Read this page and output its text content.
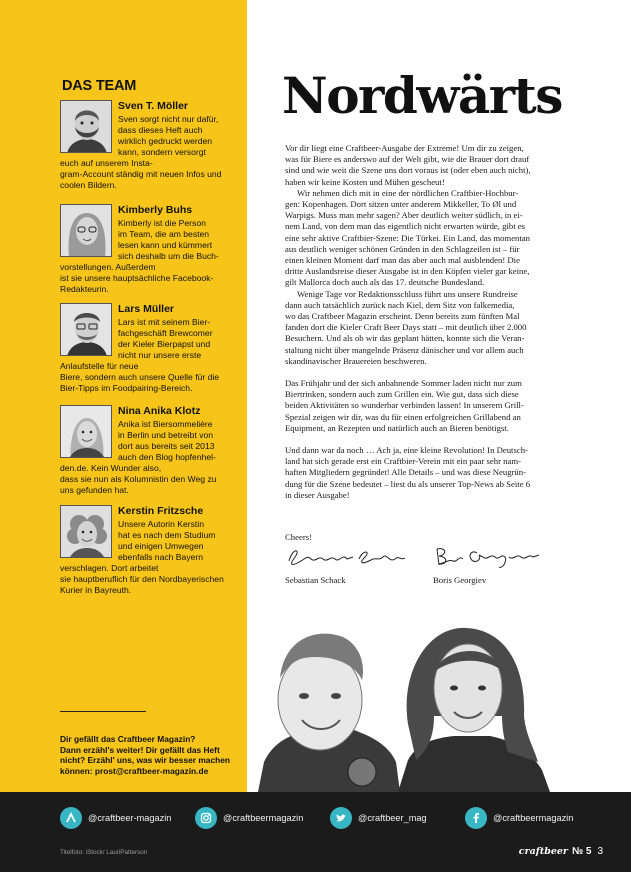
DAS TEAM
Sven T. Möller
Sven sorgt nicht nur dafür,
dass dieses Heft auch
wirklich gedruckt werden
kann, sondern versorgt
euch auf unserem Insta-
gram-Account ständig mit neuen Infos und
coolen Bildern.
Kimberly Buhs
Kimberly ist die Person
im Team, die am besten
lesen kann und kümmert
sich deshalb um die Buch-
vorstellungen. Außerdem
ist sie unsere hauptsächliche Facebook-
Redakteurin.
Lars Müller
Lars ist mit seinem Bier-
fachgeschäft Brewcomer
der Kieler Bierpapst und
nicht nur unsere erste
Anlaufstelle für neue
Biere, sondern auch unsere Quelle für die
Bier-Tipps im Foodpairing-Bereich.
Nina Anika Klotz
Anika ist Biersommelière
in Berlin und betreibt von
dort aus bereits seit 2013
auch den Blog hopfenhel-
den.de. Kein Wunder also,
dass sie nun als Kolumnistin den Weg zu
uns gefunden hat.
Kerstin Fritzsche
Unsere Autorin Kerstin
hat es nach dem Studium
und einigen Umwegen
ebenfalls nach Bayern
verschlagen. Dort arbeitet
sie hauptberuflich für den Nordbayerischen
Kurier in Bayreuth.
Dir gefällt das Craftbeer Magazin?
Dann erzähl's weiter! Dir gefällt das Heft
nicht? Erzähl' uns, was wir besser machen
können: prost@craftbeer-magazin.de
Nordwärts

Vor dir liegt eine Craftbeer-Ausgabe der Extreme! Um dir zu zeigen,
was für Biere es anderswo auf der Welt gibt, wie die Brauer dort drauf
sind und wie weit die Szene uns dort voraus ist (oder eben auch nicht),
haben wir keine Kosten und Mühen gescheut!

Wir nehmen dich mit in eine der nördlichen Craftbier-Hochbur-
gen: Kopenhagen. Dort sitzen unter anderem Mikkeller, To Øl und
Warpigs. Muss man mehr sagen? Aber deutlich weiter südlich, in ei-
nem Land, von dem man das eigentlich nicht erwarten würde, gibt es
eine sehr aktive Craftbier-Szene: Die Türkei. Ein Land, das momentan
aus deutlich weniger schönen Gründen in den Schlagzeilen ist – für
einen kleinen Moment darf man das aber auch mal ausblenden! Die
dritte Auslandsreise dieser Ausgabe ist in den Köpfen vieler gar keine,
gilt Mallorca doch auch als das 17. deutsche Bundesland.

Wenige Tage vor Redaktionsschluss führt uns unsere Rundreise
dann auch tatsächlich zurück nach Kiel, dem Sitz von falkemedia,
wo das Craftbeer Magazin erscheint. Denn bereits zum fünften Mal
fanden dort die Kieler Craft Beer Days statt – mit deutlich über 2.000
Besuchern. Und als ob wir das geplant hätten, konnte sich die Veran-
staltung nicht über mangelnde Präsenz dänischer und vor allem auch
skandinavischer Brauereien beschweren.

Das Frühjahr und der sich anbahnende Sommer laden nicht nur zum
Biertrinken, sondern auch zum Grillen ein. Wie gut, dass sich diese
beiden Aktivitäten so wunderbar verbinden lassen! In unserem Grill-
Spezial zeigen wir dir, was du für einen erfolgreichen Grillabend an
Equipment, an Rezepten und natürlich auch an Bieren benötigst.

Und dann war da noch … Ach ja, eine kleine Revolution! In Deutsch-
land hat sich gerade erst ein Craftbier-Verein mit ein paar sehr nam-
haften Mitgliedern gegründet! Alle Details – und was diese Neugrün-
dung für die Szene bedeutet – liest du als unserer Top-News ab Seite 6
in dieser Ausgabe!

Cheers!
Sebastian Schack	Boris Georgiev
@craftbeer-magazin	@craftbeermagazin	@craftbeer_mag	@craftbeermagazin
Titelfoto: iStock/ LauriPatterson	craftbeer № 5 3
